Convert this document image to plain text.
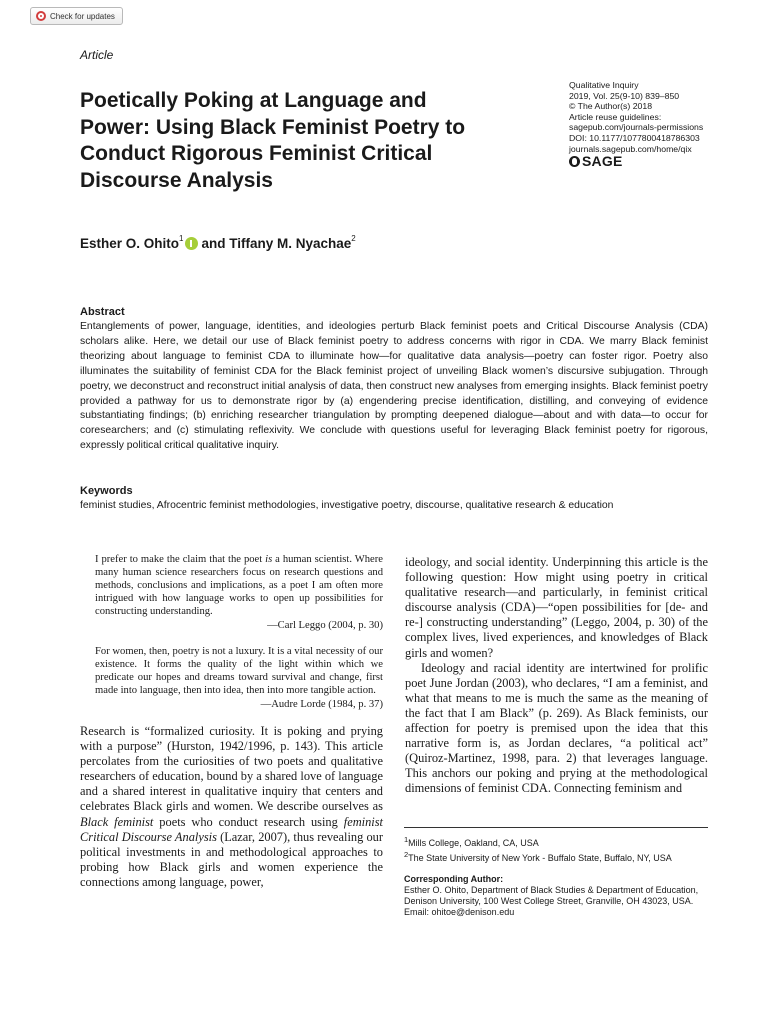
Check for updates
Article
Qualitative Inquiry
2019, Vol. 25(9-10) 839–850
© The Author(s) 2018
Article reuse guidelines:
sagepub.com/journals-permissions
DOI: 10.1177/1077800418786303
journals.sagepub.com/home/qix
SAGE
Poetically Poking at Language and Power: Using Black Feminist Poetry to Conduct Rigorous Feminist Critical Discourse Analysis
Esther O. Ohito$^1$ and
Tiffany M. Nyachae$^2$
Abstract

Entanglements of power, language, identities, and ideologies perturb Black feminist poets and Critical Discourse Analysis (CDA) scholars alike. Here, we detail our use of Black feminist poetry to address concerns with rigor in CDA. We marry Black feminist theorizing about language to feminist CDA to illuminate how—for qualitative data analysis—poetry can foster rigor. Poetry also illuminates the suitability of feminist CDA for the Black feminist project of unveiling Black women’s discursive subjugation. Through poetry, we deconstruct and reconstruct initial analysis of data, then construct new analyses from emerging insights. Black feminist poetry provided a pathway for us to demonstrate rigor by (a) engendering precise identification, distilling, and conveying of evidence substantiating findings; (b) enriching researcher triangulation by prompting deepened dialogue—about and with data—to occur for coresearchers; and (c) stimulating reflexivity. We conclude with questions useful for leveraging Black feminist poetry for rigorous, expressly political critical qualitative inquiry.

Keywords

feminist studies, Afrocentric feminist methodologies, investigative poetry, discourse, qualitative research & education

I prefer to make the claim that the poet is a human scientist. Where many human science researchers focus on research questions and methods, conclusions and implications, as a poet I am often more intrigued with how language works to open up possibilities for constructing understanding.

—Carl Leggo (2004, p. 30)

For women, then, poetry is not a luxury. It is a vital necessity of our existence. It forms the quality of the light within which we predicate our hopes and dreams toward survival and change, first made into language, then into idea, then into more tangible action.

—Audre Lorde (1984, p. 37)

Research is “formalized curiosity. It is poking and prying with a purpose” (Hurston, 1942/1996, p. 143). This article percolates from the curiosities of two poets and qualitative researchers of education, bound by a shared love of language and a shared interest in qualitative inquiry that centers and celebrates Black girls and women. We describe ourselves as Black feminist poets who conduct research using feminist Critical Discourse Analysis (Lazar, 2007), thus revealing our political investments in and methodological approaches to probing how Black girls and women experience the connections among language, power,

ideology, and social identity. Underpinning this article is the following question: How might using poetry in critical qualitative research—and particularly, in feminist critical discourse analysis (CDA)—“open possibilities for [de- and re-] constructing understanding” (Leggo, 2004, p. 30) of the complex lives, lived experiences, and knowledges of Black girls and women?

Ideology and racial identity are intertwined for prolific poet June Jordan (2003), who declares, “I am a feminist, and what that means to me is much the same as the meaning of the fact that I am Black” (p. 269). As Black feminists, our affection for poetry is premised upon the idea that this narrative form is, as Jordan declares, “a political act” (Quiroz-Martinez, 1998, para. 2) that leverages language. This anchors our poking and prying at the methodological dimensions of feminist CDA. Connecting feminism and

$^1$Mills College, Oakland, CA, USA

$^2$The State University of New York - Buffalo State, Buffalo, NY, USA

Corresponding Author:

Esther O. Ohito, Department of Black Studies & Department of Education, Denison University, 100 West College Street, Granville, OH 43023, USA.

Email: ohitoe@denison.edu
